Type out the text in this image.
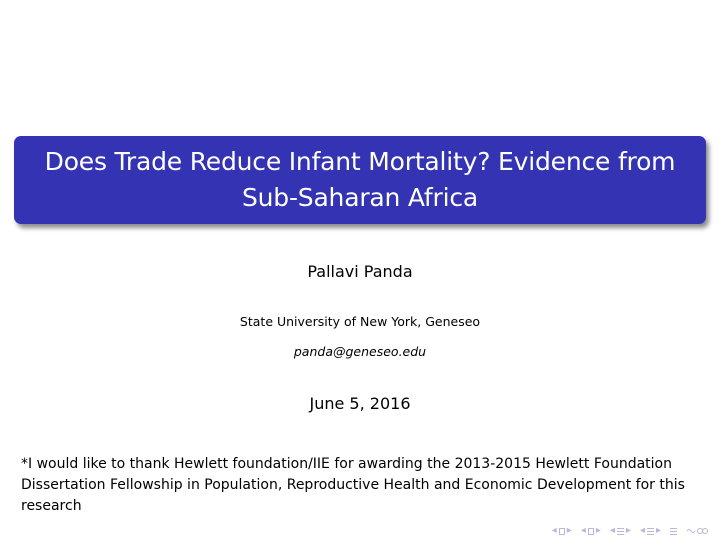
Does Trade Reduce Infant Mortality? Evidence from Sub-Saharan Africa
Pallavi Panda
State University of New York, Geneseo
panda@geneseo.edu
June 5, 2016
*I would like to thank Hewlett foundation/IIE for awarding the 2013-2015 Hewlett Foundation Dissertation Fellowship in Population, Reproductive Health and Economic Development for this research
◂ ▸ ◂ ▸ ◂ ▸ ◂ ▸
